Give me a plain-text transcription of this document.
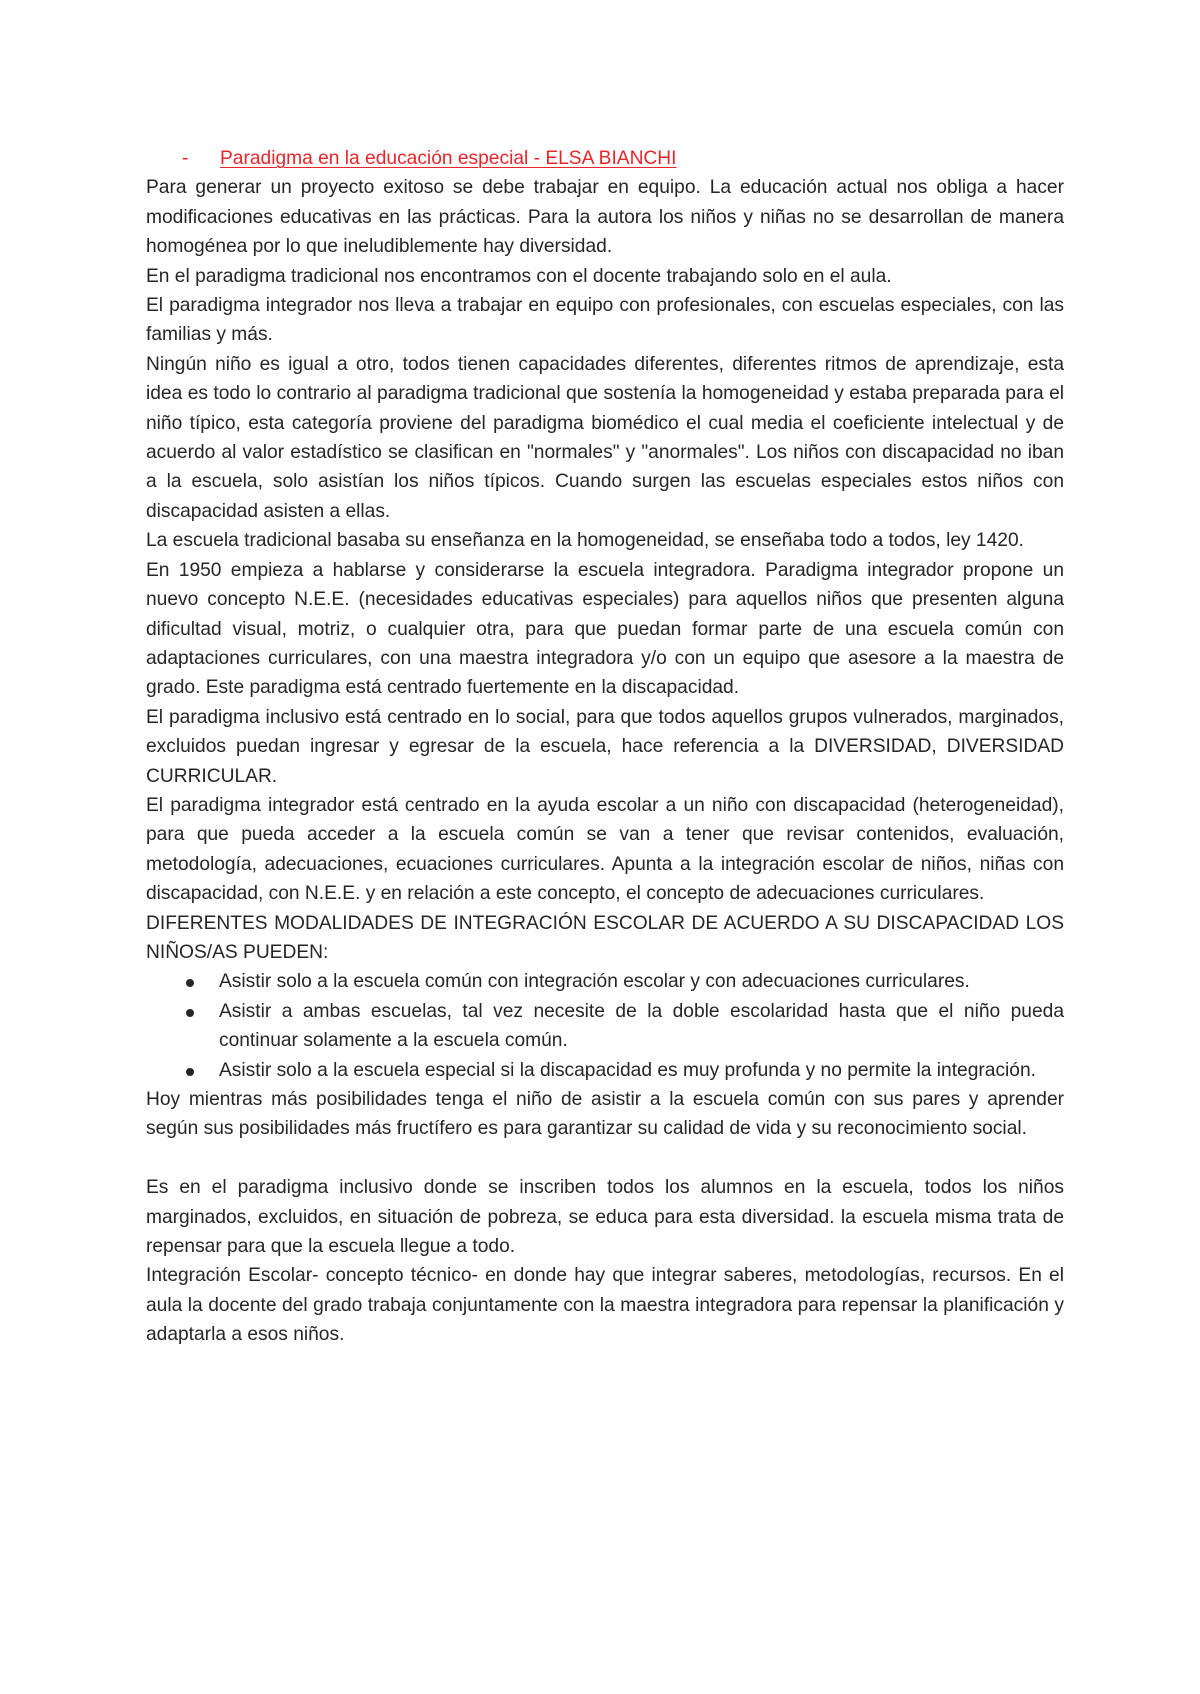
- Paradigma en la educación especial - ELSA BIANCHI

Para generar un proyecto exitoso se debe trabajar en equipo. La educación actual nos obliga a hacer modificaciones educativas en las prácticas. Para la autora los niños y niñas no se desarrollan de manera homogénea por lo que ineludiblemente hay diversidad.

En el paradigma tradicional nos encontramos con el docente trabajando solo en el aula.

El paradigma integrador nos lleva a trabajar en equipo con profesionales, con escuelas especiales, con las familias y más.

Ningún niño es igual a otro, todos tienen capacidades diferentes, diferentes ritmos de aprendizaje, esta idea es todo lo contrario al paradigma tradicional que sostenía la homogeneidad y estaba preparada para el niño típico, esta categoría proviene del paradigma biomédico el cual media el coeficiente intelectual y de acuerdo al valor estadístico se clasifican en "normales" y "anormales". Los niños con discapacidad no iban a la escuela, solo asistían los niños típicos. Cuando surgen las escuelas especiales estos niños con discapacidad asisten a ellas.

La escuela tradicional basaba su enseñanza en la homogeneidad, se enseñaba todo a todos, ley 1420.

En 1950 empieza a hablarse y considerarse la escuela integradora. Paradigma integrador propone un nuevo concepto N.E.E. (necesidades educativas especiales) para aquellos niños que presenten alguna dificultad visual, motriz, o cualquier otra, para que puedan formar parte de una escuela común con adaptaciones curriculares, con una maestra integradora y/o con un equipo que asesore a la maestra de grado. Este paradigma está centrado fuertemente en la discapacidad.

El paradigma inclusivo está centrado en lo social, para que todos aquellos grupos vulnerados, marginados, excluidos puedan ingresar y egresar de la escuela, hace referencia a la DIVERSIDAD, DIVERSIDAD CURRICULAR.

El paradigma integrador está centrado en la ayuda escolar a un niño con discapacidad (heterogeneidad), para que pueda acceder a la escuela común se van a tener que revisar contenidos, evaluación, metodología, adecuaciones, ecuaciones curriculares. Apunta a la integración escolar de niños, niñas con discapacidad, con N.E.E. y en relación a este concepto, el concepto de adecuaciones curriculares.

DIFERENTES MODALIDADES DE INTEGRACIÓN ESCOLAR DE ACUERDO A SU DISCAPACIDAD LOS NIÑOS/AS PUEDEN:

Asistir solo a la escuela común con integración escolar y con adecuaciones curriculares.
Asistir a ambas escuelas, tal vez necesite de la doble escolaridad hasta que el niño pueda continuar solamente a la escuela común.
Asistir solo a la escuela especial si la discapacidad es muy profunda y no permite la integración.

Hoy mientras más posibilidades tenga el niño de asistir a la escuela común con sus pares y aprender según sus posibilidades más fructífero es para garantizar su calidad de vida y su reconocimiento social.

Es en el paradigma inclusivo donde se inscriben todos los alumnos en la escuela, todos los niños marginados, excluidos, en situación de pobreza, se educa para esta diversidad. la escuela misma trata de repensar para que la escuela llegue a todo.

Integración Escolar- concepto técnico- en donde hay que integrar saberes, metodologías, recursos. En el aula la docente del grado trabaja conjuntamente con la maestra integradora para repensar la planificación y adaptarla a esos niños.
